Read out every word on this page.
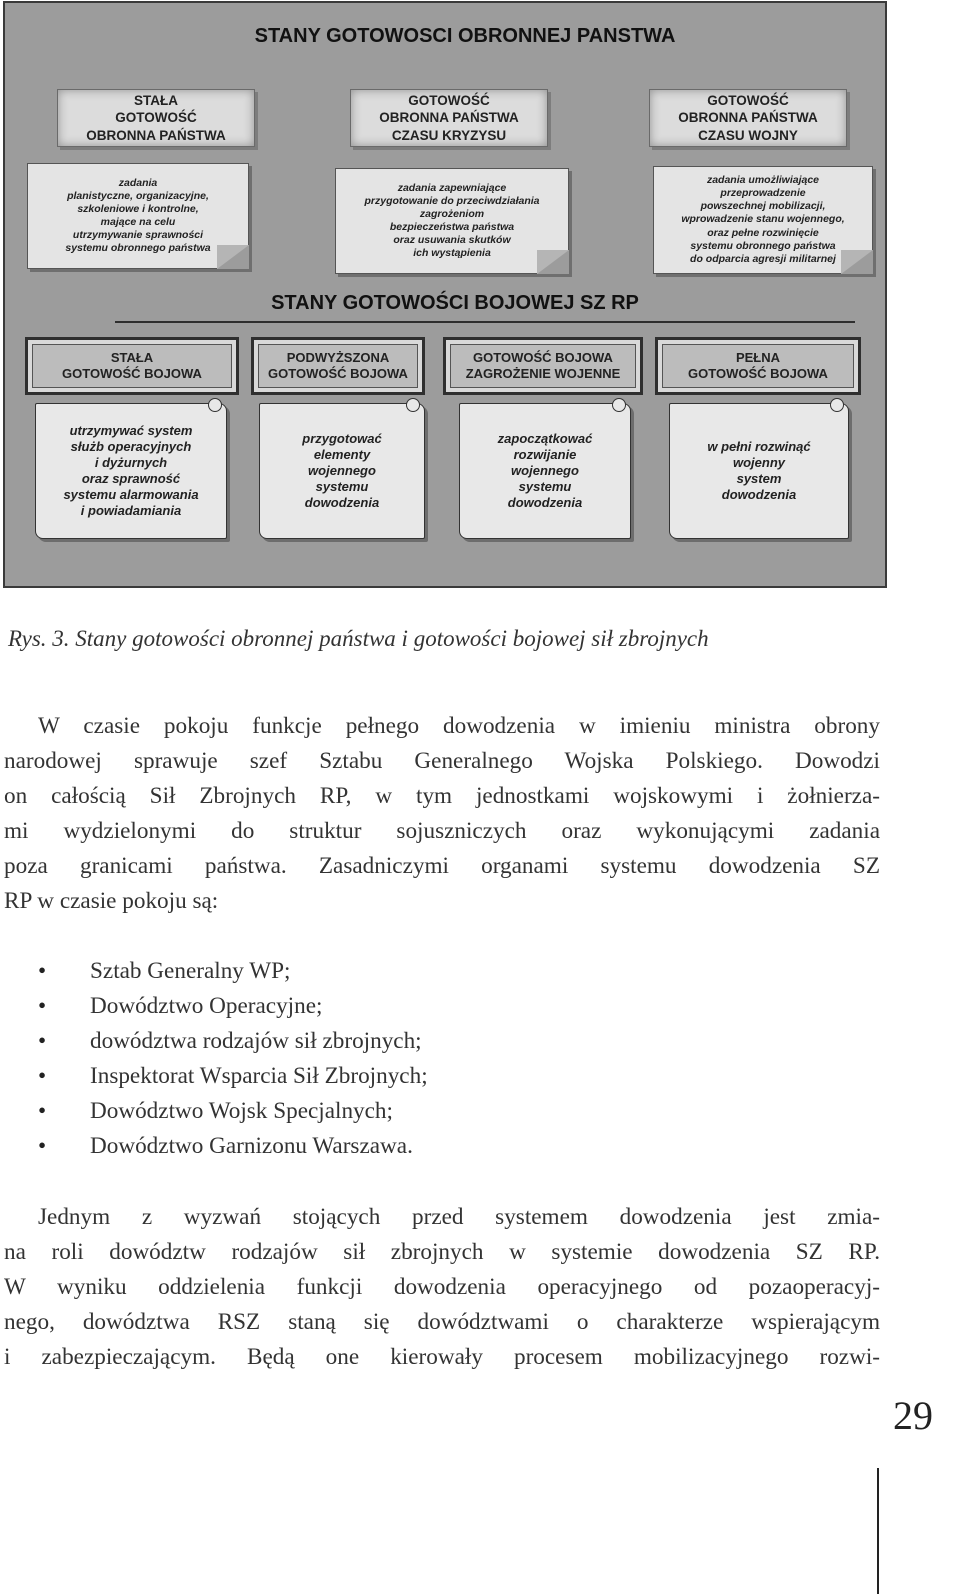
STANY GOTOWOSCI OBRONNEJ PANSTWA
STAŁA
GOTOWOŚĆ
OBRONNA PAŃSTWA
GOTOWOŚĆ
OBRONNA PAŃSTWA
CZASU KRYZYSU
GOTOWOŚĆ
OBRONNA PAŃSTWA
CZASU WOJNY
zadania
planistyczne, organizacyjne,
szkoleniowe i kontrolne,
mające na celu
utrzymywanie sprawności
systemu obronnego państwa
zadania zapewniające
przygotowanie do przeciwdziałania
zagrożeniom
bezpieczeństwa państwa
oraz usuwania skutków
ich wystąpienia
zadania umożliwiające
przeprowadzenie
powszechnej mobilizacji,
wprowadzenie stanu wojennego,
oraz pełne rozwinięcie
systemu obronnego państwa
do odparcia agresji militarnej
STANY GOTOWOŚCI BOJOWEJ SZ RP
STAŁA
GOTOWOŚĆ BOJOWA
PODWYŻSZONA
GOTOWOŚĆ BOJOWA
GOTOWOŚĆ BOJOWA
ZAGROŻENIE WOJENNE
PEŁNA
GOTOWOŚĆ BOJOWA
utrzymywać system
służb operacyjnych
i dyżurnych
oraz sprawność
systemu alarmowania
i powiadamiania
przygotować
elementy
wojennego
systemu
dowodzenia
zapoczątkować
rozwijanie
wojennego
systemu
dowodzenia
w pełni rozwinąć
wojenny
system
dowodzenia
Rys. 3. Stany gotowości obronnej państwa i gotowości bojowej sił zbrojnych

W czasie pokoju funkcje pełnego dowodzenia w imieniu ministra obrony
narodowej sprawuje szef Sztabu Generalnego Wojska Polskiego. Dowodzi
on całością Sił Zbrojnych RP, w tym jednostkami wojskowymi i żołnierza-
mi wydzielonymi do struktur sojuszniczych oraz wykonującymi zadania
poza granicami państwa. Zasadniczymi organami systemu dowodzenia SZ
RP w czasie pokoju są:

• Sztab Generalny WP;
• Dowództwo Operacyjne;
• dowództwa rodzajów sił zbrojnych;
• Inspektorat Wsparcia Sił Zbrojnych;
• Dowództwo Wojsk Specjalnych;
• Dowództwo Garnizonu Warszawa.

Jednym z wyzwań stojących przed systemem dowodzenia jest zmia-
na roli dowództw rodzajów sił zbrojnych w systemie dowodzenia SZ RP.
W wyniku oddzielenia funkcji dowodzenia operacyjnego od pozaoperacyj-
nego, dowództwa RSZ staną się dowództwami o charakterze wspierającym
i zabezpieczającym. Będą one kierowały procesem mobilizacyjnego rozwi-

29
